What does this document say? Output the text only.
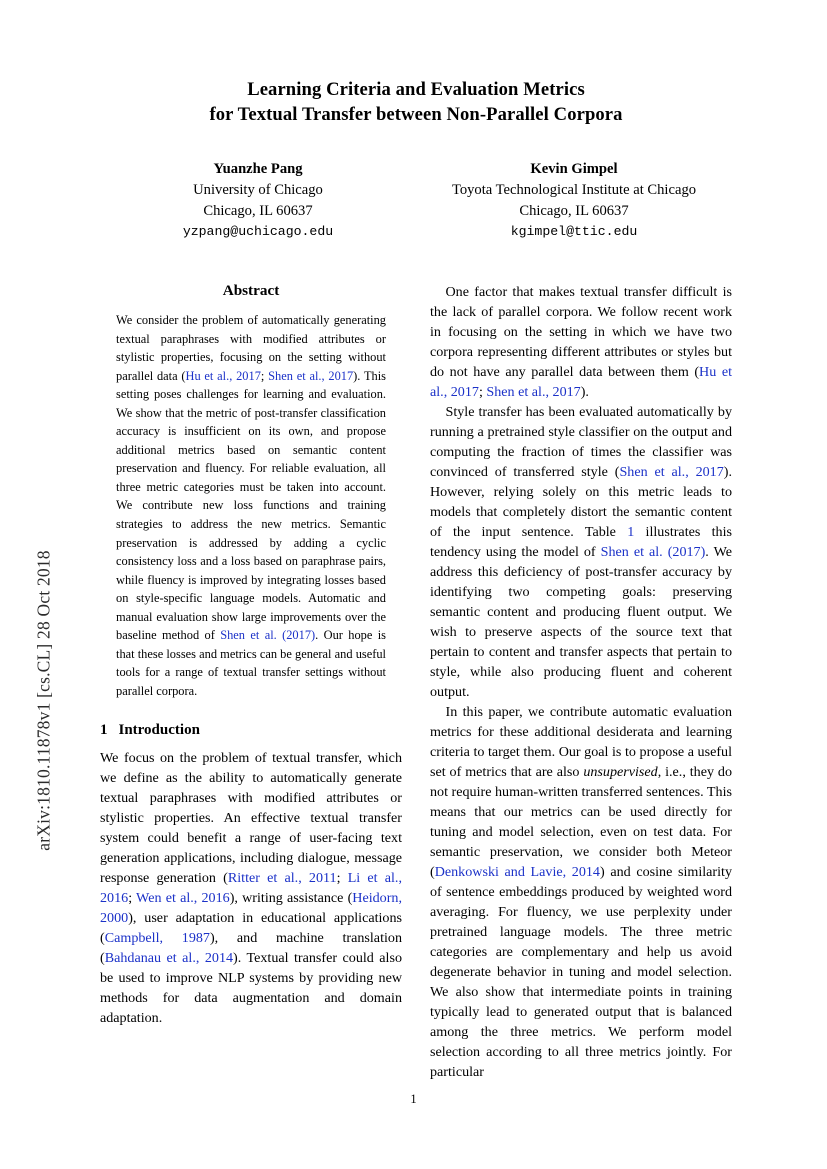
arXiv:1810.11878v1 [cs.CL] 28 Oct 2018
Learning Criteria and Evaluation Metrics
for Textual Transfer between Non-Parallel Corpora
Yuanzhe Pang
University of Chicago
Chicago, IL 60637
yzpang@uchicago.edu
Kevin Gimpel
Toyota Technological Institute at Chicago
Chicago, IL 60637
kgimpel@ttic.edu
Abstract
We consider the problem of automatically generating textual paraphrases with modified attributes or stylistic properties, focusing on the setting without parallel data (Hu et al., 2017; Shen et al., 2017). This setting poses challenges for learning and evaluation. We show that the metric of post-transfer classification accuracy is insufficient on its own, and propose additional metrics based on semantic content preservation and fluency. For reliable evaluation, all three metric categories must be taken into account. We contribute new loss functions and training strategies to address the new metrics. Semantic preservation is addressed by adding a cyclic consistency loss and a loss based on paraphrase pairs, while fluency is improved by integrating losses based on style-specific language models. Automatic and manual evaluation show large improvements over the baseline method of Shen et al. (2017). Our hope is that these losses and metrics can be general and useful tools for a range of textual transfer settings without parallel corpora.
1 Introduction

We focus on the problem of textual transfer, which we define as the ability to automatically generate textual paraphrases with modified attributes or stylistic properties. An effective textual transfer system could benefit a range of user-facing text generation applications, including dialogue, message response generation (Ritter et al., 2011; Li et al., 2016; Wen et al., 2016), writing assistance (Heidorn, 2000), user adaptation in educational applications (Campbell, 1987), and machine translation (Bahdanau et al., 2014). Textual transfer could also be used to improve NLP systems by providing new methods for data augmentation and domain adaptation.

One factor that makes textual transfer difficult is the lack of parallel corpora. We follow recent work in focusing on the setting in which we have two corpora representing different attributes or styles but do not have any parallel data between them (Hu et al., 2017; Shen et al., 2017).

Style transfer has been evaluated automatically by running a pretrained style classifier on the output and computing the fraction of times the classifier was convinced of transferred style (Shen et al., 2017). However, relying solely on this metric leads to models that completely distort the semantic content of the input sentence. Table 1 illustrates this tendency using the model of Shen et al. (2017). We address this deficiency of post-transfer accuracy by identifying two competing goals: preserving semantic content and producing fluent output. We wish to preserve aspects of the source text that pertain to content and transfer aspects that pertain to style, while also producing fluent and coherent output.

In this paper, we contribute automatic evaluation metrics for these additional desiderata and learning criteria to target them. Our goal is to propose a useful set of metrics that are also unsupervised, i.e., they do not require human-written transferred sentences. This means that our metrics can be used directly for tuning and model selection, even on test data. For semantic preservation, we consider both Meteor (Denkowski and Lavie, 2014) and cosine similarity of sentence embeddings produced by weighted word averaging. For fluency, we use perplexity under pretrained language models. The three metric categories are complementary and help us avoid degenerate behavior in tuning and model selection. We also show that intermediate points in training typically lead to generated output that is balanced among the three metrics. We perform model selection according to all three metrics jointly. For particular

1
